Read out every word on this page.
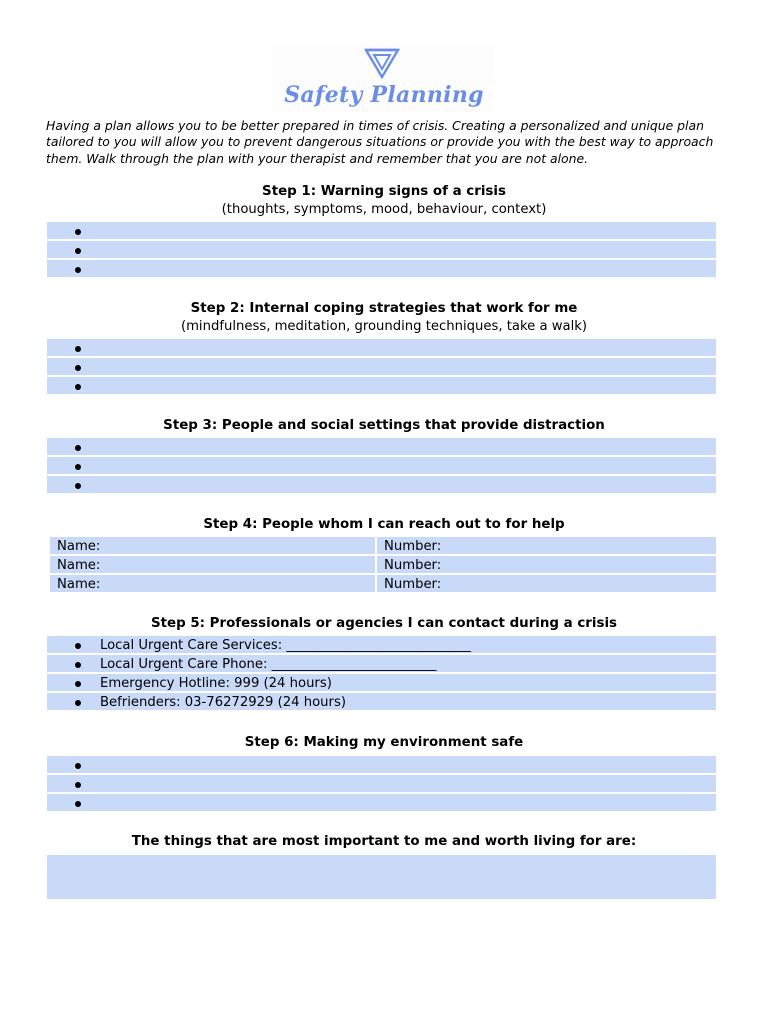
Safety Planning

Having a plan allows you to be better prepared in times of crisis. Creating a personalized and unique plan tailored to you will allow you to prevent dangerous situations or provide you with the best way to approach them. Walk through the plan with your therapist and remember that you are not alone.

Step 1: Warning signs of a crisis
(thoughts, symptoms, mood, behaviour, context)
Step 2: Internal coping strategies that work for me
(mindfulness, meditation, grounding techniques, take a walk)
Step 3: People and social settings that provide distraction
Step 4: People whom I can reach out to for help
Name:	Number:
Name:	Number:
Name:	Number:
Step 5: Professionals or agencies I can contact during a crisis
Local Urgent Care Services: ____________________________
Local Urgent Care Phone: _________________________
Emergency Hotline: 999 (24 hours)
Befrienders: 03-76272929 (24 hours)
Step 6: Making my environment safe
The things that are most important to me and worth living for are:
